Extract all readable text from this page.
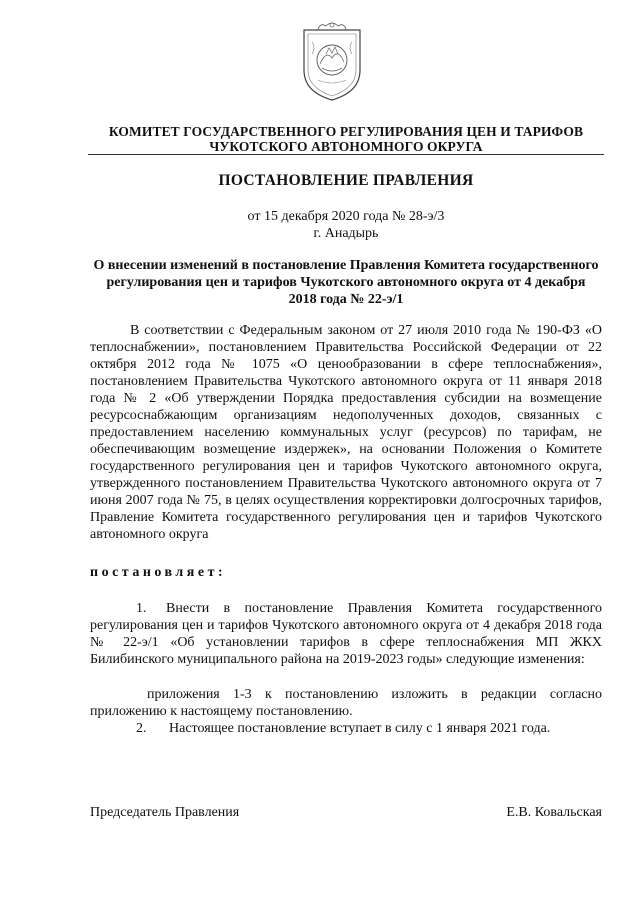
КОМИТЕТ ГОСУДАРСТВЕННОГО РЕГУЛИРОВАНИЯ ЦЕН И ТАРИФОВ ЧУКОТСКОГО АВТОНОМНОГО ОКРУГА
ПОСТАНОВЛЕНИЕ ПРАВЛЕНИЯ
от 15 декабря 2020 года № 28-э/3
г. Анадырь
О внесении изменений в постановление Правления Комитета государственного регулирования цен и тарифов Чукотского автономного округа от 4 декабря 2018 года № 22-э/1

В соответствии с Федеральным законом от 27 июля 2010 года № 190-ФЗ «О теплоснабжении», постановлением Правительства Российской Федерации от 22 октября 2012 года № 1075 «О ценообразовании в сфере теплоснабжения», постановлением Правительства Чукотского автономного округа от 11 января 2018 года № 2 «Об утверждении Порядка предоставления субсидии на возмещение ресурсоснабжающим организациям недополученных доходов, связанных с предоставлением населению коммунальных услуг (ресурсов) по тарифам, не обеспечивающим возмещение издержек», на основании Положения о Комитете государственного регулирования цен и тарифов Чукотского автономного округа, утвержденного постановлением Правительства Чукотского автономного округа от 7 июня 2007 года № 75, в целях осуществления корректировки долгосрочных тарифов, Правление Комитета государственного регулирования цен и тарифов Чукотского автономного округа

постановляет:

1. Внести в постановление Правления Комитета государственного регулирования цен и тарифов Чукотского автономного округа от 4 декабря 2018 года № 22-э/1 «Об установлении тарифов в сфере теплоснабжения МП ЖКХ Билибинского муниципального района на 2019-2023 годы» следующие изменения:

приложения 1-3 к постановлению изложить в редакции согласно приложению к настоящему постановлению.

2. Настоящее постановление вступает в силу с 1 января 2021 года.
Председатель Правления	Е.В. Ковальская
